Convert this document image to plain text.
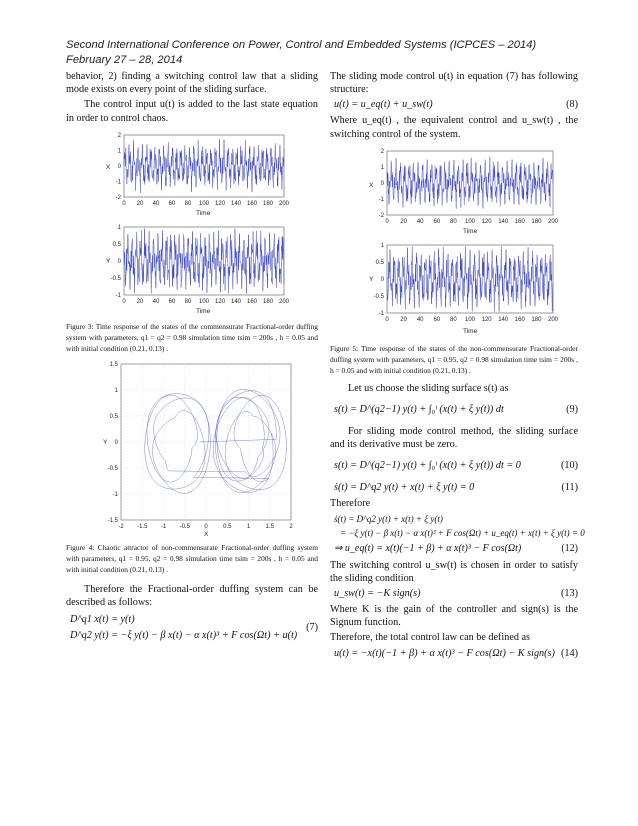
Second International Conference on Power, Control and Embedded Systems (ICPCES – 2014)
February 27 – 28, 2014

behavior, 2) finding a switching control law that a sliding mode exists on every point of the sliding surface.

The control input u(t) is added to the last state equation in order to control chaos.

2
1
0
-1
-2
0 20 40 60 80 100 120 140 160 180 200
X
Time
1
0.5
0
-0.5
-1
0 20 40 60 80 100 120 140 160 180 200
Y
Time

Figure 3: Time response of the states of the commensurate Fractional-order duffing system with parameters, q1 = q2 = 0.98 simulation time tsim = 200s , h = 0.05 and with initial condition (0.21, 0.13) .

1.5
1
0.5
0
-0.5
-1
-1.5
-2 -1.5 -1 -0.5 0	0.5	1	1.5	2
Y
X

Figure 4: Chaotic attractor of non-commensurate Fractional-order duffing system with parameters, q1 = 0.95, q2 = 0.98 simulation time tsim = 200s , h = 0.05 and with initial condition (0.21, 0.13) .

Therefore the Fractional-order duffing system can be described as follows:

D^q1 x(t) = y(t)
D^q2 y(t) = −ξ y(t) − β x(t) − α x(t)³ + F cos(Ωt) + u(t)
(7)

The sliding mode control u(t) in equation (7) has following structure:

u(t) = u_eq(t) + u_sw(t)	(8)

Where u_eq(t) , the equivalent control and u_sw(t) , the switching control of the system.

2
1
0
-1
-2
0 20 40 60 80 100 120 140 160 180 200
X
Time
1
0.5
0
-0.5
-1
0 20 40 60 80 100 120 140 160 180 200
Y
Time

Figure 5: Time response of the states of the non-commensurate Fractional-order duffing system with parameters, q1 = 0.95, q2 = 0.98 simulation time tsim = 200s , h = 0.05 and with initial condition (0.21, 0.13) .

Let us choose the sliding surface s(t) as

s(t) = D^(q2−1) y(t) + ∫₀ᵗ (x(t) + ξ y(t)) dt	(9)

For sliding mode control method, the sliding surface and its derivative must be zero.

s(t) = D^(q2−1) y(t) + ∫₀ᵗ (x(t) + ξ y(t)) dt = 0	(10)
ṡ(t) = D^q2 y(t) + x(t) + ξ y(t) = 0	(11)

Therefore

ṡ(t) = D^q2 y(t) + x(t) + ξ y(t)
= −ξ y(t) − β x(t) − α x(t)³ + F cos(Ωt) + u_eq(t) + x(t) + ξ y(t) = 0
⇒ u_eq(t) = x(t)(−1 + β) + α x(t)³ − F cos(Ωt)	(12)

The switching control u_sw(t) is chosen in order to satisfy the sliding condition

u_sw(t) = −K sign(s)	(13)

Where K is the gain of the controller and sign(s) is the Signum function.

Therefore, the total control law can be defined as

u(t) = −x(t)(−1 + β) + α x(t)³ − F cos(Ωt) − K sign(s) (14)
